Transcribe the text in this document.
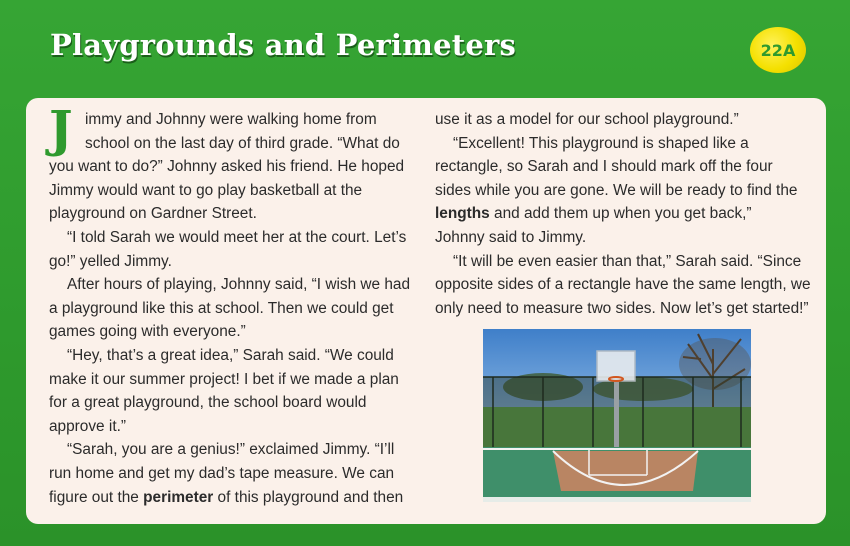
Playgrounds and Perimeters	22A
J immy and Johnny were walking home from
school on the last day of third grade. “What do
you want to do?” Johnny asked his friend. He hoped
Jimmy would want to go play basketball at the
playground on Gardner Street.
“I told Sarah we would meet her at the court. Let’s
go!” yelled Jimmy.
After hours of playing, Johnny said, “I wish we had
a playground like this at school. Then we could get
games going with everyone.”
“Hey, that’s a great idea,” Sarah said. “We could
make it our summer project! I bet if we made a plan
for a great playground, the school board would
approve it.”
“Sarah, you are a genius!” exclaimed Jimmy. “I’ll
run home and get my dad’s tape measure. We can
figure out the perimeter of this playground and then
use it as a model for our school playground.”
“Excellent! This playground is shaped like a
rectangle, so Sarah and I should mark off the four
sides while you are gone. We will be ready to find the
lengths and add them up when you get back,”
Johnny said to Jimmy.
“It will be even easier than that,” Sarah said. “Since
opposite sides of a rectangle have the same length, we
only need to measure two sides. Now let’s get started!”
